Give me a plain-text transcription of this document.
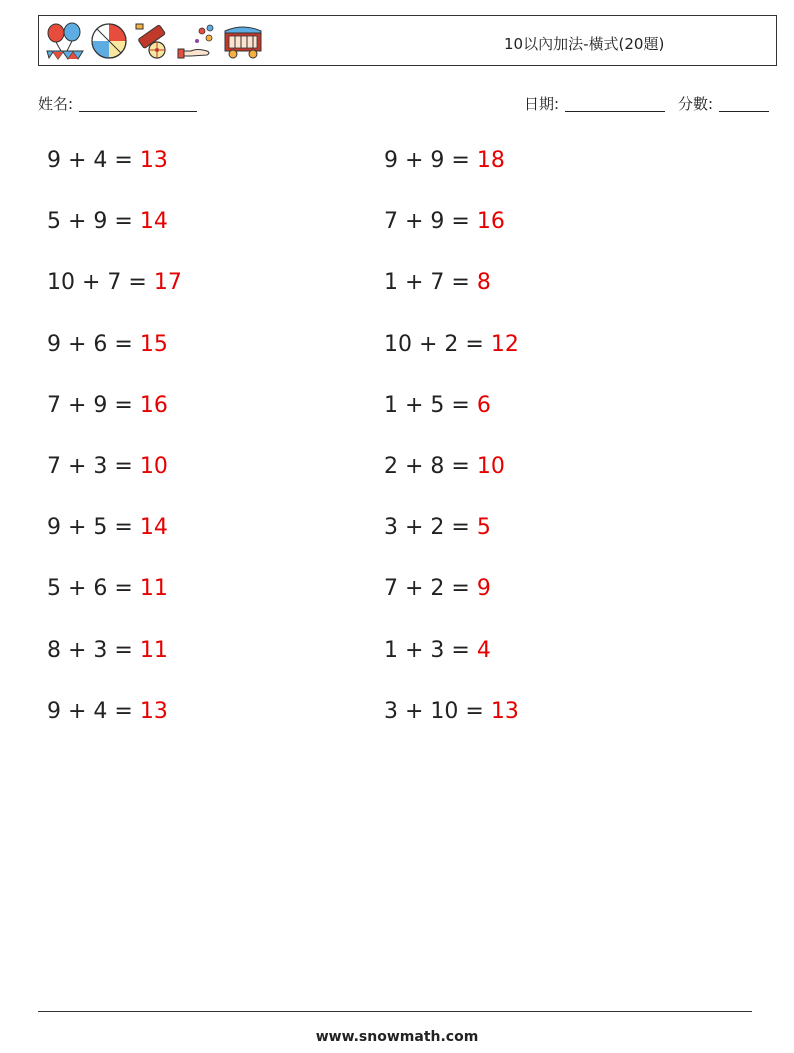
10以內加法-橫式(20題)
姓名:	日期:	分數:
9 + 4 = 13
5 + 9 = 14
10 + 7 = 17
9 + 6 = 15
7 + 9 = 16
7 + 3 = 10
9 + 5 = 14
5 + 6 = 11
8 + 3 = 11
9 + 4 = 13
9 + 9 = 18
7 + 9 = 16
1 + 7 = 8
10 + 2 = 12
1 + 5 = 6
2 + 8 = 10
3 + 2 = 5
7 + 2 = 9
1 + 3 = 4
3 + 10 = 13
www.snowmath.com
